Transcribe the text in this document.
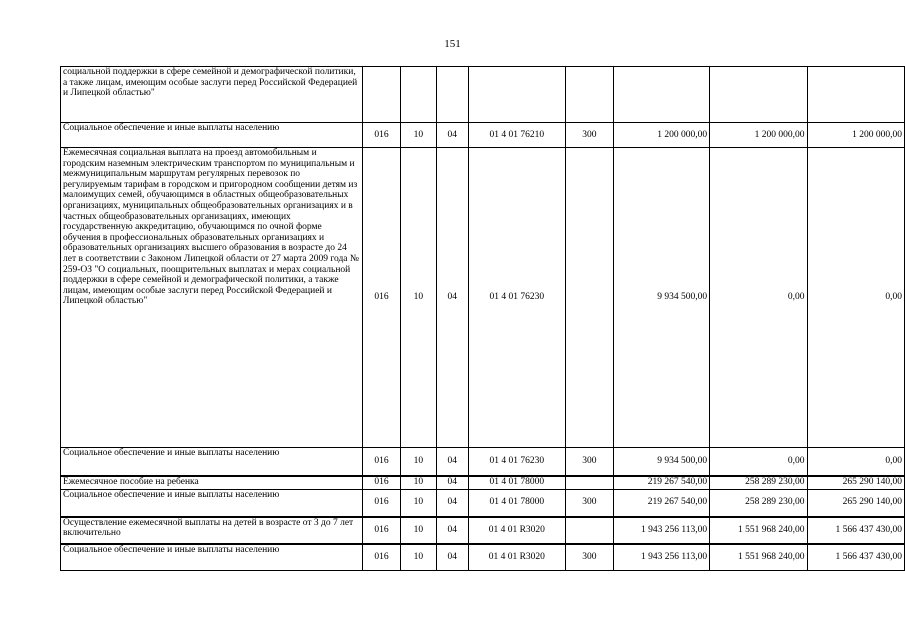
151
социальной поддержки в сфере семейной и демографической политики, а также лицам, имеющим особые заслуги перед Российской Федерацией и Липецкой областью"								
Социальное обеспечение и иные выплаты населению	016	10	04	01 4 01 76210	300	1 200 000,00	1 200 000,00	1 200 000,00
Ежемесячная социальная выплата на проезд автомобильным и городским наземным электрическим транспортом по муниципальным и межмуниципальным маршрутам регулярных перевозок по регулируемым тарифам в городском и пригородном сообщении детям из малоимущих семей, обучающимся в областных общеобразовательных организациях, муниципальных общеобразовательных организациях и в частных общеобразовательных организациях, имеющих государственную аккредитацию, обучающимся по очной форме обучения в профессиональных образовательных организациях и образовательных организациях высшего образования в возрасте до 24 лет в соответствии с Законом Липецкой области от 27 марта 2009 года № 259-ОЗ "О социальных, поощрительных выплатах и мерах социальной поддержки в сфере семейной и демографической политики, а также лицам, имеющим особые заслуги перед Российской Федерацией и Липецкой областью"	016	10	04	01 4 01 76230		9 934 500,00	0,00	0,00
Социальное обеспечение и иные выплаты населению	016	10	04	01 4 01 76230	300	9 934 500,00	0,00	0,00
Ежемесячное пособие на ребенка	016	10	04	01 4 01 78000		219 267 540,00	258 289 230,00	265 290 140,00
Социальное обеспечение и иные выплаты населению	016	10	04	01 4 01 78000	300	219 267 540,00	258 289 230,00	265 290 140,00
Осуществление ежемесячной выплаты на детей в возрасте от 3 до 7 лет включительно	016	10	04	01 4 01 R3020		1 943 256 113,00	1 551 968 240,00	1 566 437 430,00
Социальное обеспечение и иные выплаты населению	016	10	04	01 4 01 R3020	300	1 943 256 113,00	1 551 968 240,00	1 566 437 430,00
